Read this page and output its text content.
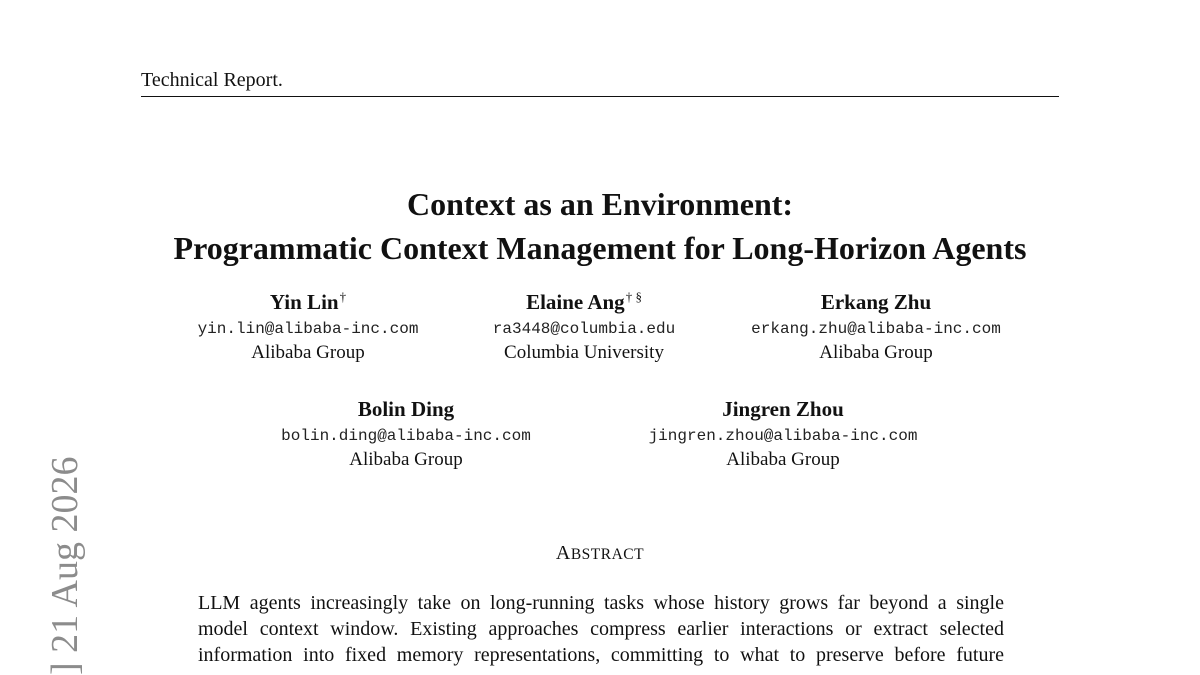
Technical Report.
Context as an Environment:
Programmatic Context Management for Long-Horizon Agents
Yin Lin†
yin.lin@alibaba-inc.com
Alibaba Group
Elaine Ang† §
ra3448@columbia.edu
Columbia University
Erkang Zhu
erkang.zhu@alibaba-inc.com
Alibaba Group
Bolin Ding
bolin.ding@alibaba-inc.com
Alibaba Group
Jingren Zhou
jingren.zhou@alibaba-inc.com
Alibaba Group
ABSTRACT
LLM agents increasingly take on long-running tasks whose history grows far beyond a single
model context window. Existing approaches compress earlier interactions or extract selected
information into fixed memory representations, committing to what to preserve before future
] 21 Aug 2026
